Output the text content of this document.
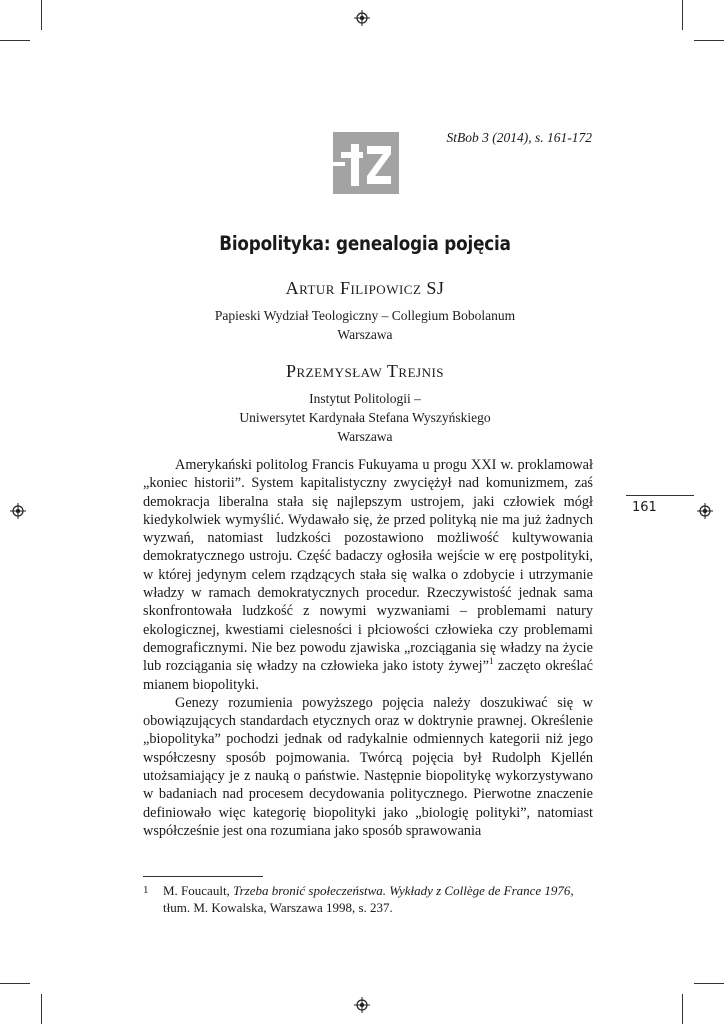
StBob 3 (2014), s. 161-172
Biopolityka: genealogia pojęcia
Artur Filipowicz SJ
Papieski Wydział Teologiczny – Collegium Bobolanum
Warszawa
Przemysław Trejnis
Instytut Politologii –
Uniwersytet Kardynała Stefana Wyszyńskiego
Warszawa

Amerykański politolog Francis Fukuyama u progu XXI w. proklamował „koniec historii”. System kapitalistyczny zwyciężył nad komunizmem, zaś demokracja liberalna stała się najlepszym ustrojem, jaki człowiek mógł kiedykolwiek wymyślić. Wydawało się, że przed polityką nie ma już żadnych wyzwań, natomiast ludzkości pozostawiono możliwość kultywowania demokratycznego ustroju. Część badaczy ogłosiła wejście w erę postpolityki, w której jedynym celem rządzących stała się walka o zdobycie i utrzymanie władzy w ramach demokratycznych procedur. Rzeczywistość jednak sama skonfrontowała ludzkość z nowymi wyzwaniami – problemami natury ekologicznej, kwestiami cielesności i płciowości człowieka czy problemami demograficznymi. Nie bez powodu zjawiska „rozciągania się władzy na życie lub rozciągania się władzy na człowieka jako istoty żywej”$^1$ zaczęto określać mianem biopolityki.

Genezy rozumienia powyższego pojęcia należy doszukiwać się w obowiązujących standardach etycznych oraz w doktrynie prawnej. Określenie „biopolityka” pochodzi jednak od radykalnie odmiennych kategorii niż jego współczesny sposób pojmowania. Twórcą pojęcia był Rudolph Kjellén utożsamiający je z nauką o państwie. Następnie biopolitykę wykorzystywano w badaniach nad procesem decydowania politycznego. Pierwotne znaczenie definiowało więc kategorię biopolityki jako „biologię polityki”, natomiast współcześnie jest ona rozumiana jako sposób sprawowania

161
1 M. Foucault, Trzeba bronić społeczeństwa. Wykłady z Collège de France 1976, tłum. M. Kowalska, Warszawa 1998, s. 237.
